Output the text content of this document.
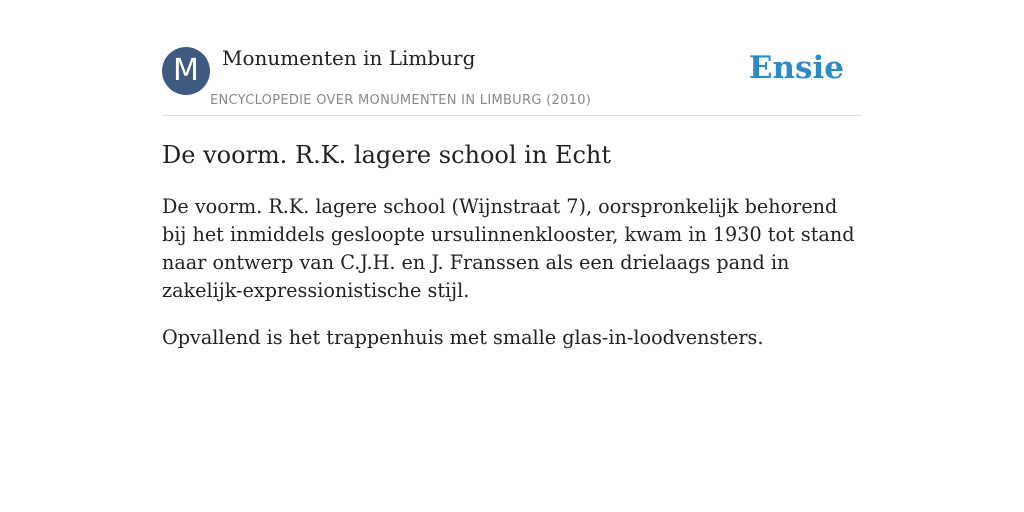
M Monumenten in Limburg
ENCYCLOPEDIE OVER MONUMENTEN IN LIMBURG (2010)
Ensie
De voorm. R.K. lagere school in Echt

De voorm. R.K. lagere school (Wijnstraat 7), oorspronkelijk behorend bij het inmiddels gesloopte ursulinnenklooster, kwam in 1930 tot stand naar ontwerp van C.J.H. en J. Franssen als een drielaags pand in zakelijk-expressionistische stijl.

Opvallend is het trappenhuis met smalle glas-in-loodvensters.
